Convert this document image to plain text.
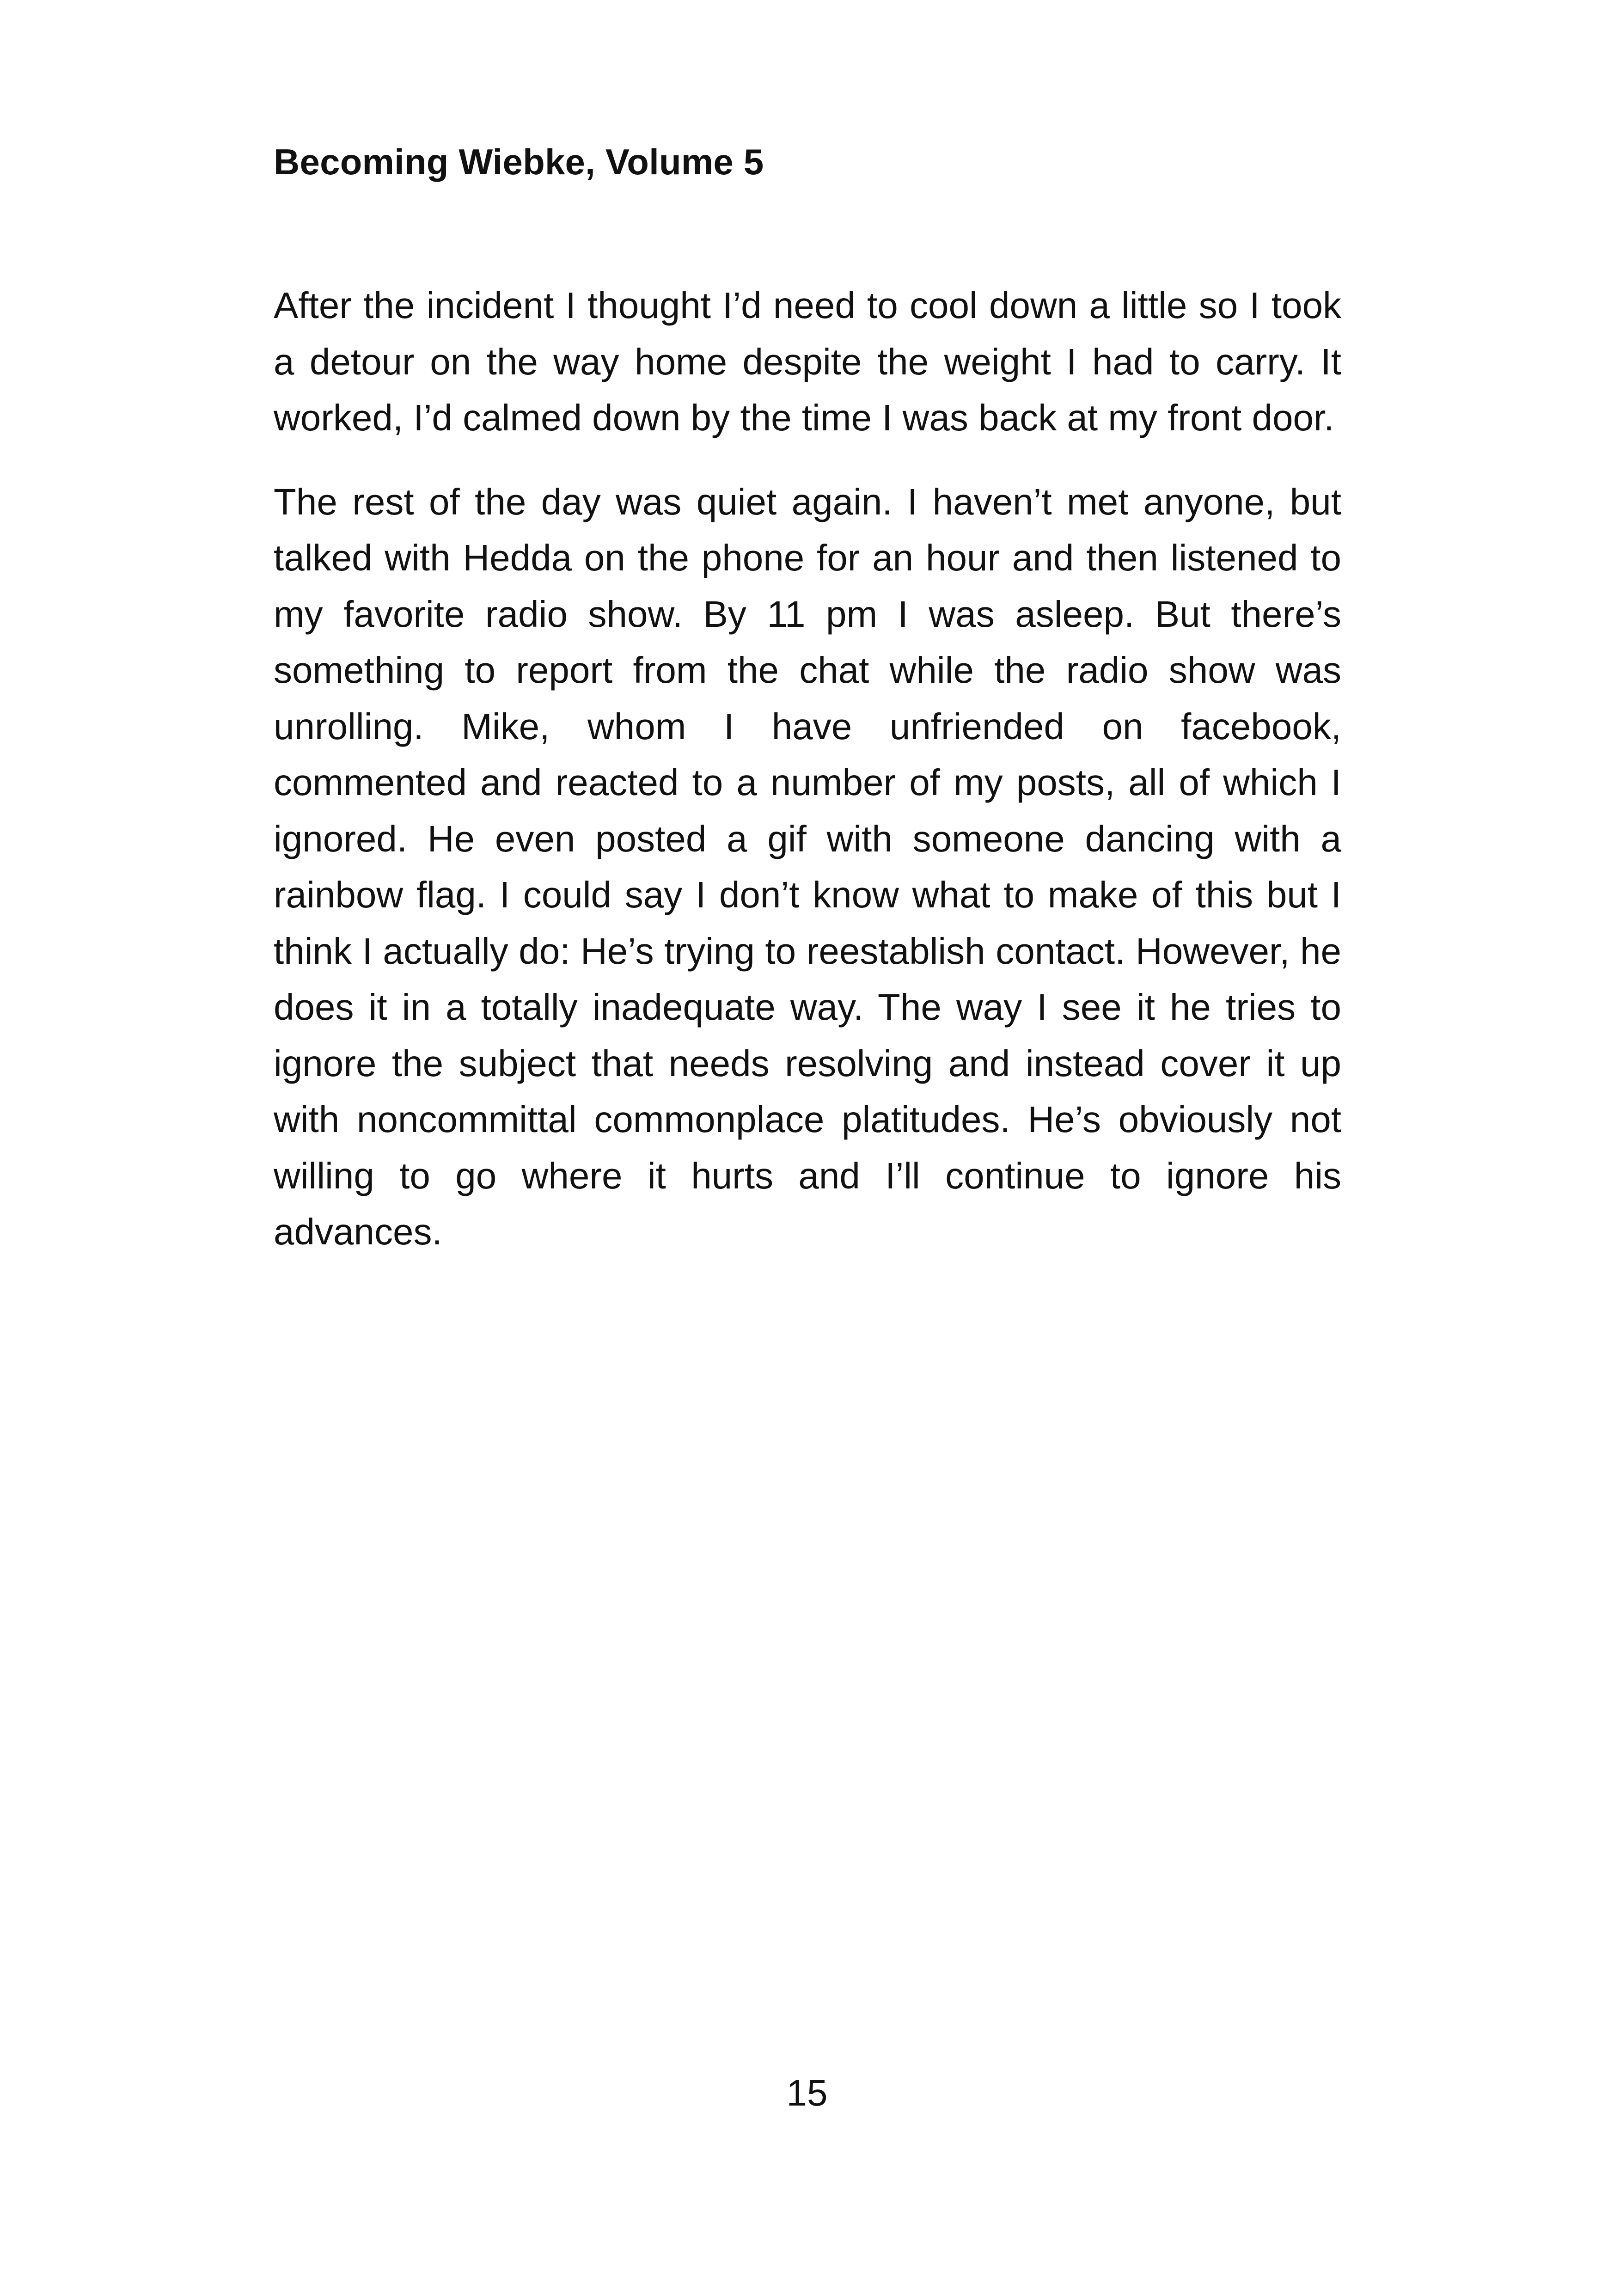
Becoming Wiebke, Volume 5

After the incident I thought I’d need to cool down a little so I took a detour on the way home despite the weight I had to carry. It worked, I’d calmed down by the time I was back at my front door.

The rest of the day was quiet again. I haven’t met anyone, but talked with Hedda on the phone for an hour and then listened to my favorite radio show. By 11 pm I was asleep. But there’s something to report from the chat while the radio show was unrolling. Mike, whom I have unfriended on facebook, commented and reacted to a number of my posts, all of which I ignored. He even posted a gif with someone dancing with a rainbow flag. I could say I don’t know what to make of this but I think I actually do: He’s trying to reestablish contact. However, he does it in a totally inadequate way. The way I see it he tries to ignore the subject that needs resolving and instead cover it up with noncommittal commonplace platitudes. He’s obviously not willing to go where it hurts and I’ll continue to ignore his advances.

15
